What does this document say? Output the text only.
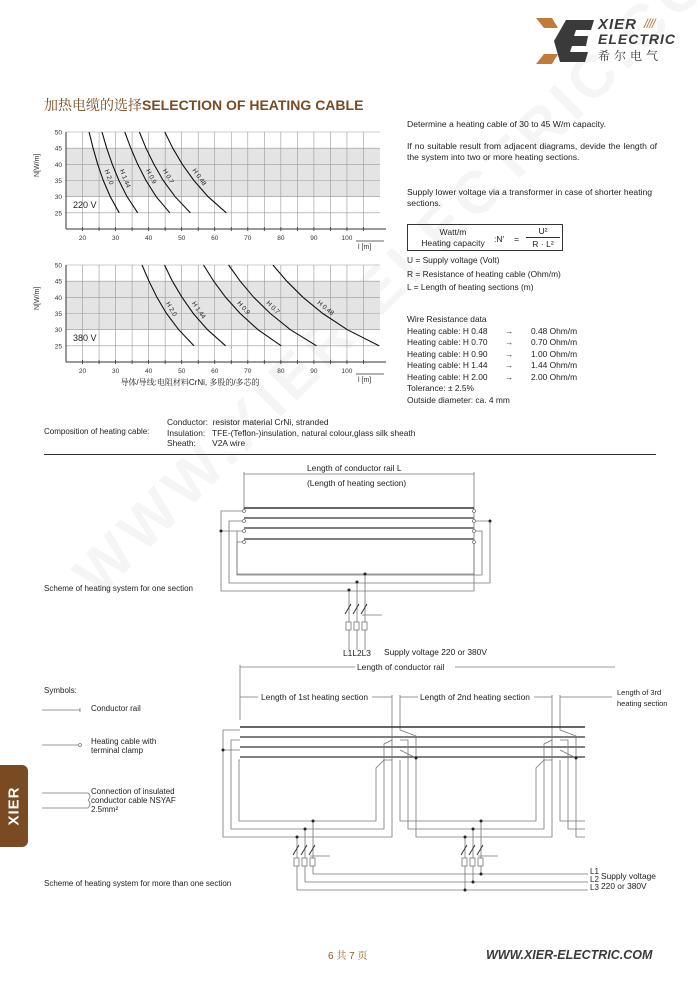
XIER ////
ELECTRIC
希尔电气
加热电缆的选择SELECTION OF HEATING CABLE
20	30	40	50	60	70	80	90	100
25
30
35
40
45
50
N[W/m]
l [m]
220 V
H 2.0 H 1.44 H 0.9 H 0.7 H 0.48
20	30	40	50	60	70	80	90	100
25
30
35
40
45
50
N[W/m]
l [m]
380 V
H 2.0 H 1.44	H 0.9 H 0.7	H 0.48
导体/导线:电阻材料CrNi, 多股的/多芯的
Determine a heating cable of 30 to 45 W/m capacity.
If no suitable result from adjacent diagrams, devide the length of the system into two or more heating sections.
Supply lower voltage via a transformer in case of shorter heating sections.
Watt/m
Heating capacity	:N' =
U²
R · L²
U = Supply voltage (Volt)
R = Resistance of heating cable (Ohm/m)
L = Length of heating sections (m)
Wire Resistance data
Heating cable: H 0.48	→	0.48 Ohm/m
Heating cable: H 0.70	→	0.70 Ohm/m
Heating cable: H 0.90	→	1.00 Ohm/m
Heating cable: H 1.44	→	1.44 Ohm/m
Heating cable: H 2.00	→	2.00 Ohm/m
Tolerance: ± 2.5%
Outside diameter: ca. 4 mm
Composition of heating cable:
Conductor:  resistor material CrNi, stranded
Insulation:   TFE-(Teflon-)insulation, natural colour,glass silk sheath
Sheath:       V2A wire
Length of conductor rail L
(Length of heating section)
Scheme of heating system for one section
L1L2L3 Supply voltage 220 or 380V
Symbols:
Conductor rail
Heating cable with terminal clamp
Connection of insulated conductor cable NSYAF 2.5mm²
Length of conductor rail
Length of 1st heating section	Length of 2nd heating section	Length of 3rd
heating section
Scheme of heating system for more than one section
L1
L2
L3
Supply voltage
220 or 380V
XIER
6 共 7 页	WWW.XIER-ELECTRIC.COM
